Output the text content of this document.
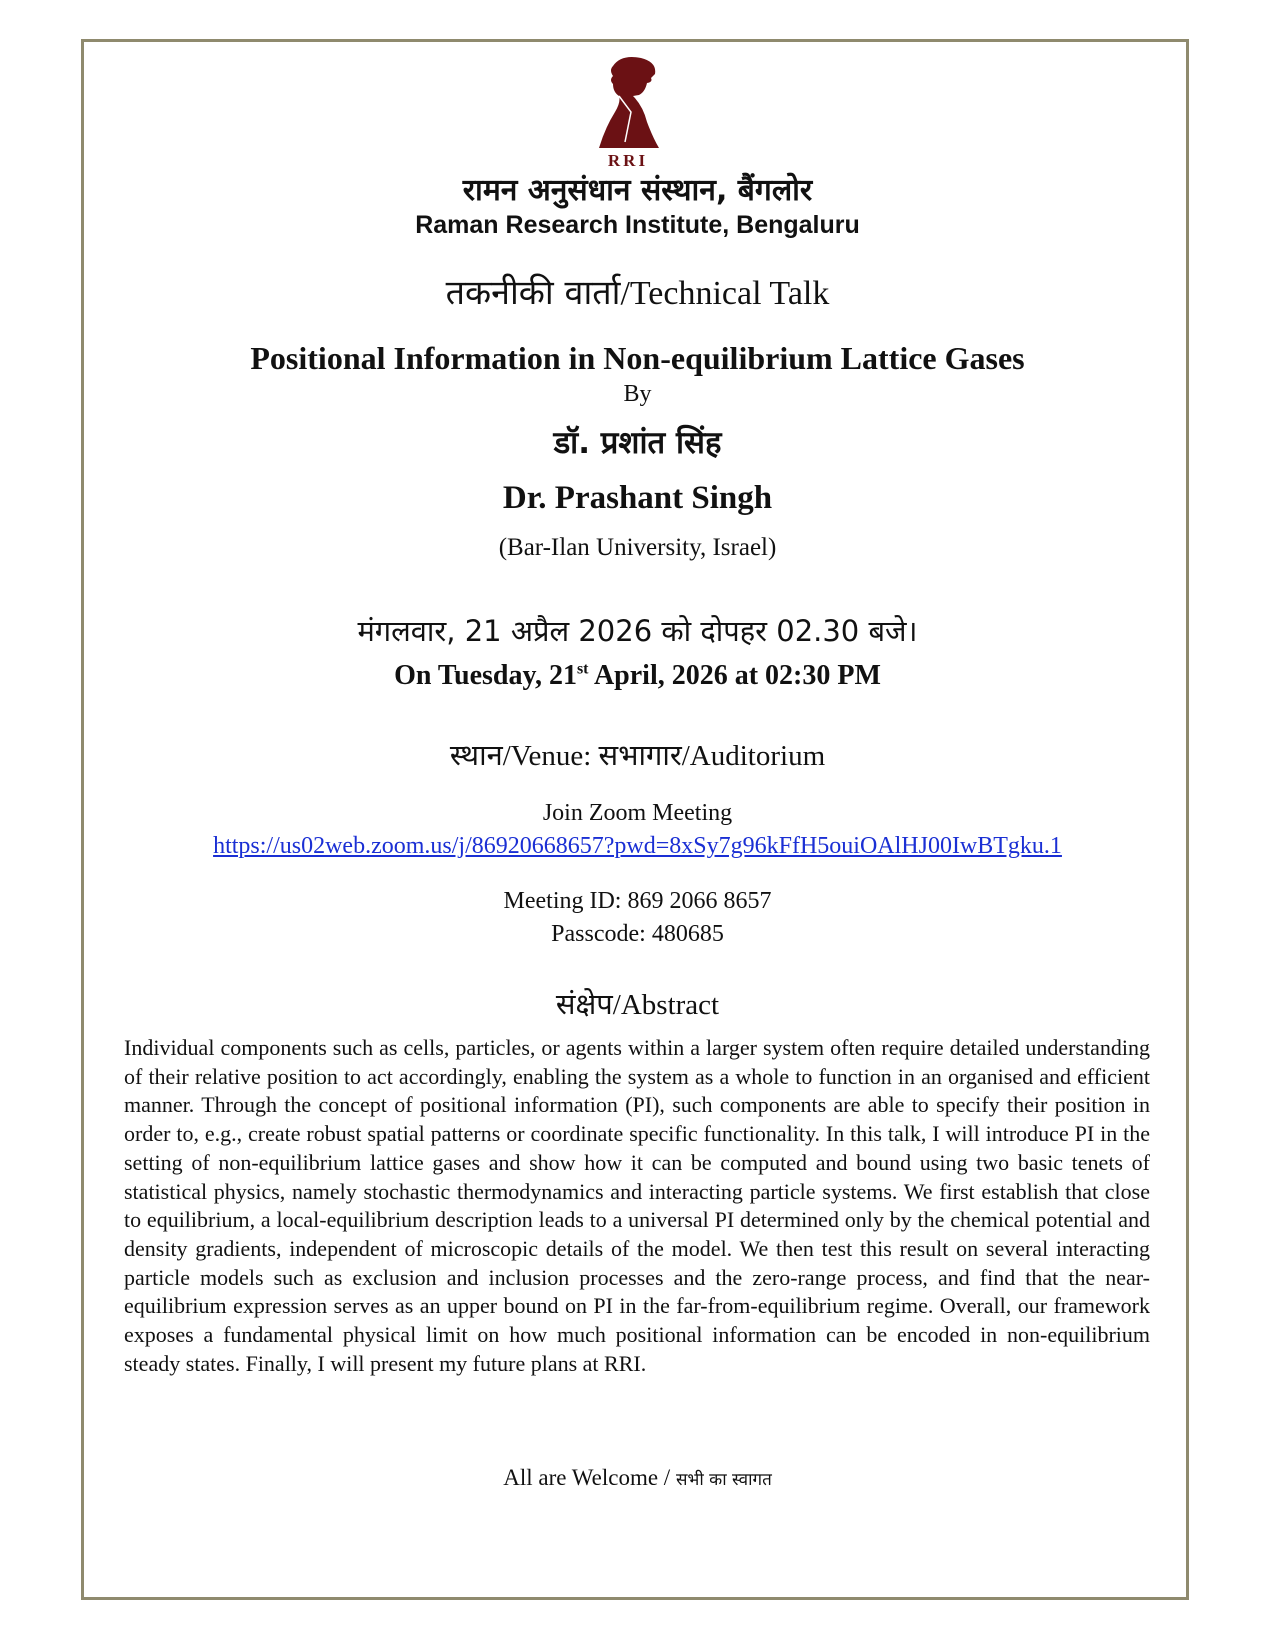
RRI
रामन अनुसंधान संस्थान, बैंगलोर
Raman Research Institute, Bengaluru
तकनीकी वार्ता/Technical Talk
Positional Information in Non-equilibrium Lattice Gases
By
डॉ. प्रशांत सिंह
Dr. Prashant Singh
(Bar-Ilan University, Israel)
मंगलवार, 21 अप्रैल 2026 को दोपहर 02.30 बजे।
On Tuesday, 21st April, 2026 at 02:30 PM
स्थान/Venue: सभागार/Auditorium
Join Zoom Meeting
https://us02web.zoom.us/j/86920668657?pwd=8xSy7g96kFfH5ouiOAlHJ00IwBTgku.1
Meeting ID: 869 2066 8657
Passcode: 480685
संक्षेप/Abstract

Individual components such as cells, particles, or agents within a larger system often require detailed understanding of their relative position to act accordingly, enabling the system as a whole to function in an organised and efficient manner. Through the concept of positional information (PI), such components are able to specify their position in order to, e.g., create robust spatial patterns or coordinate specific functionality. In this talk, I will introduce PI in the setting of non-equilibrium lattice gases and show how it can be computed and bound using two basic tenets of statistical physics, namely stochastic thermodynamics and interacting particle systems. We first establish that close to equilibrium, a local-equilibrium description leads to a universal PI determined only by the chemical potential and density gradients, independent of microscopic details of the model. We then test this result on several interacting particle models such as exclusion and inclusion processes and the zero-range process, and find that the near-equilibrium expression serves as an upper bound on PI in the far-from-equilibrium regime. Overall, our framework exposes a fundamental physical limit on how much positional information can be encoded in non-equilibrium steady states. Finally, I will present my future plans at RRI.

All are Welcome / सभी का स्वागत
